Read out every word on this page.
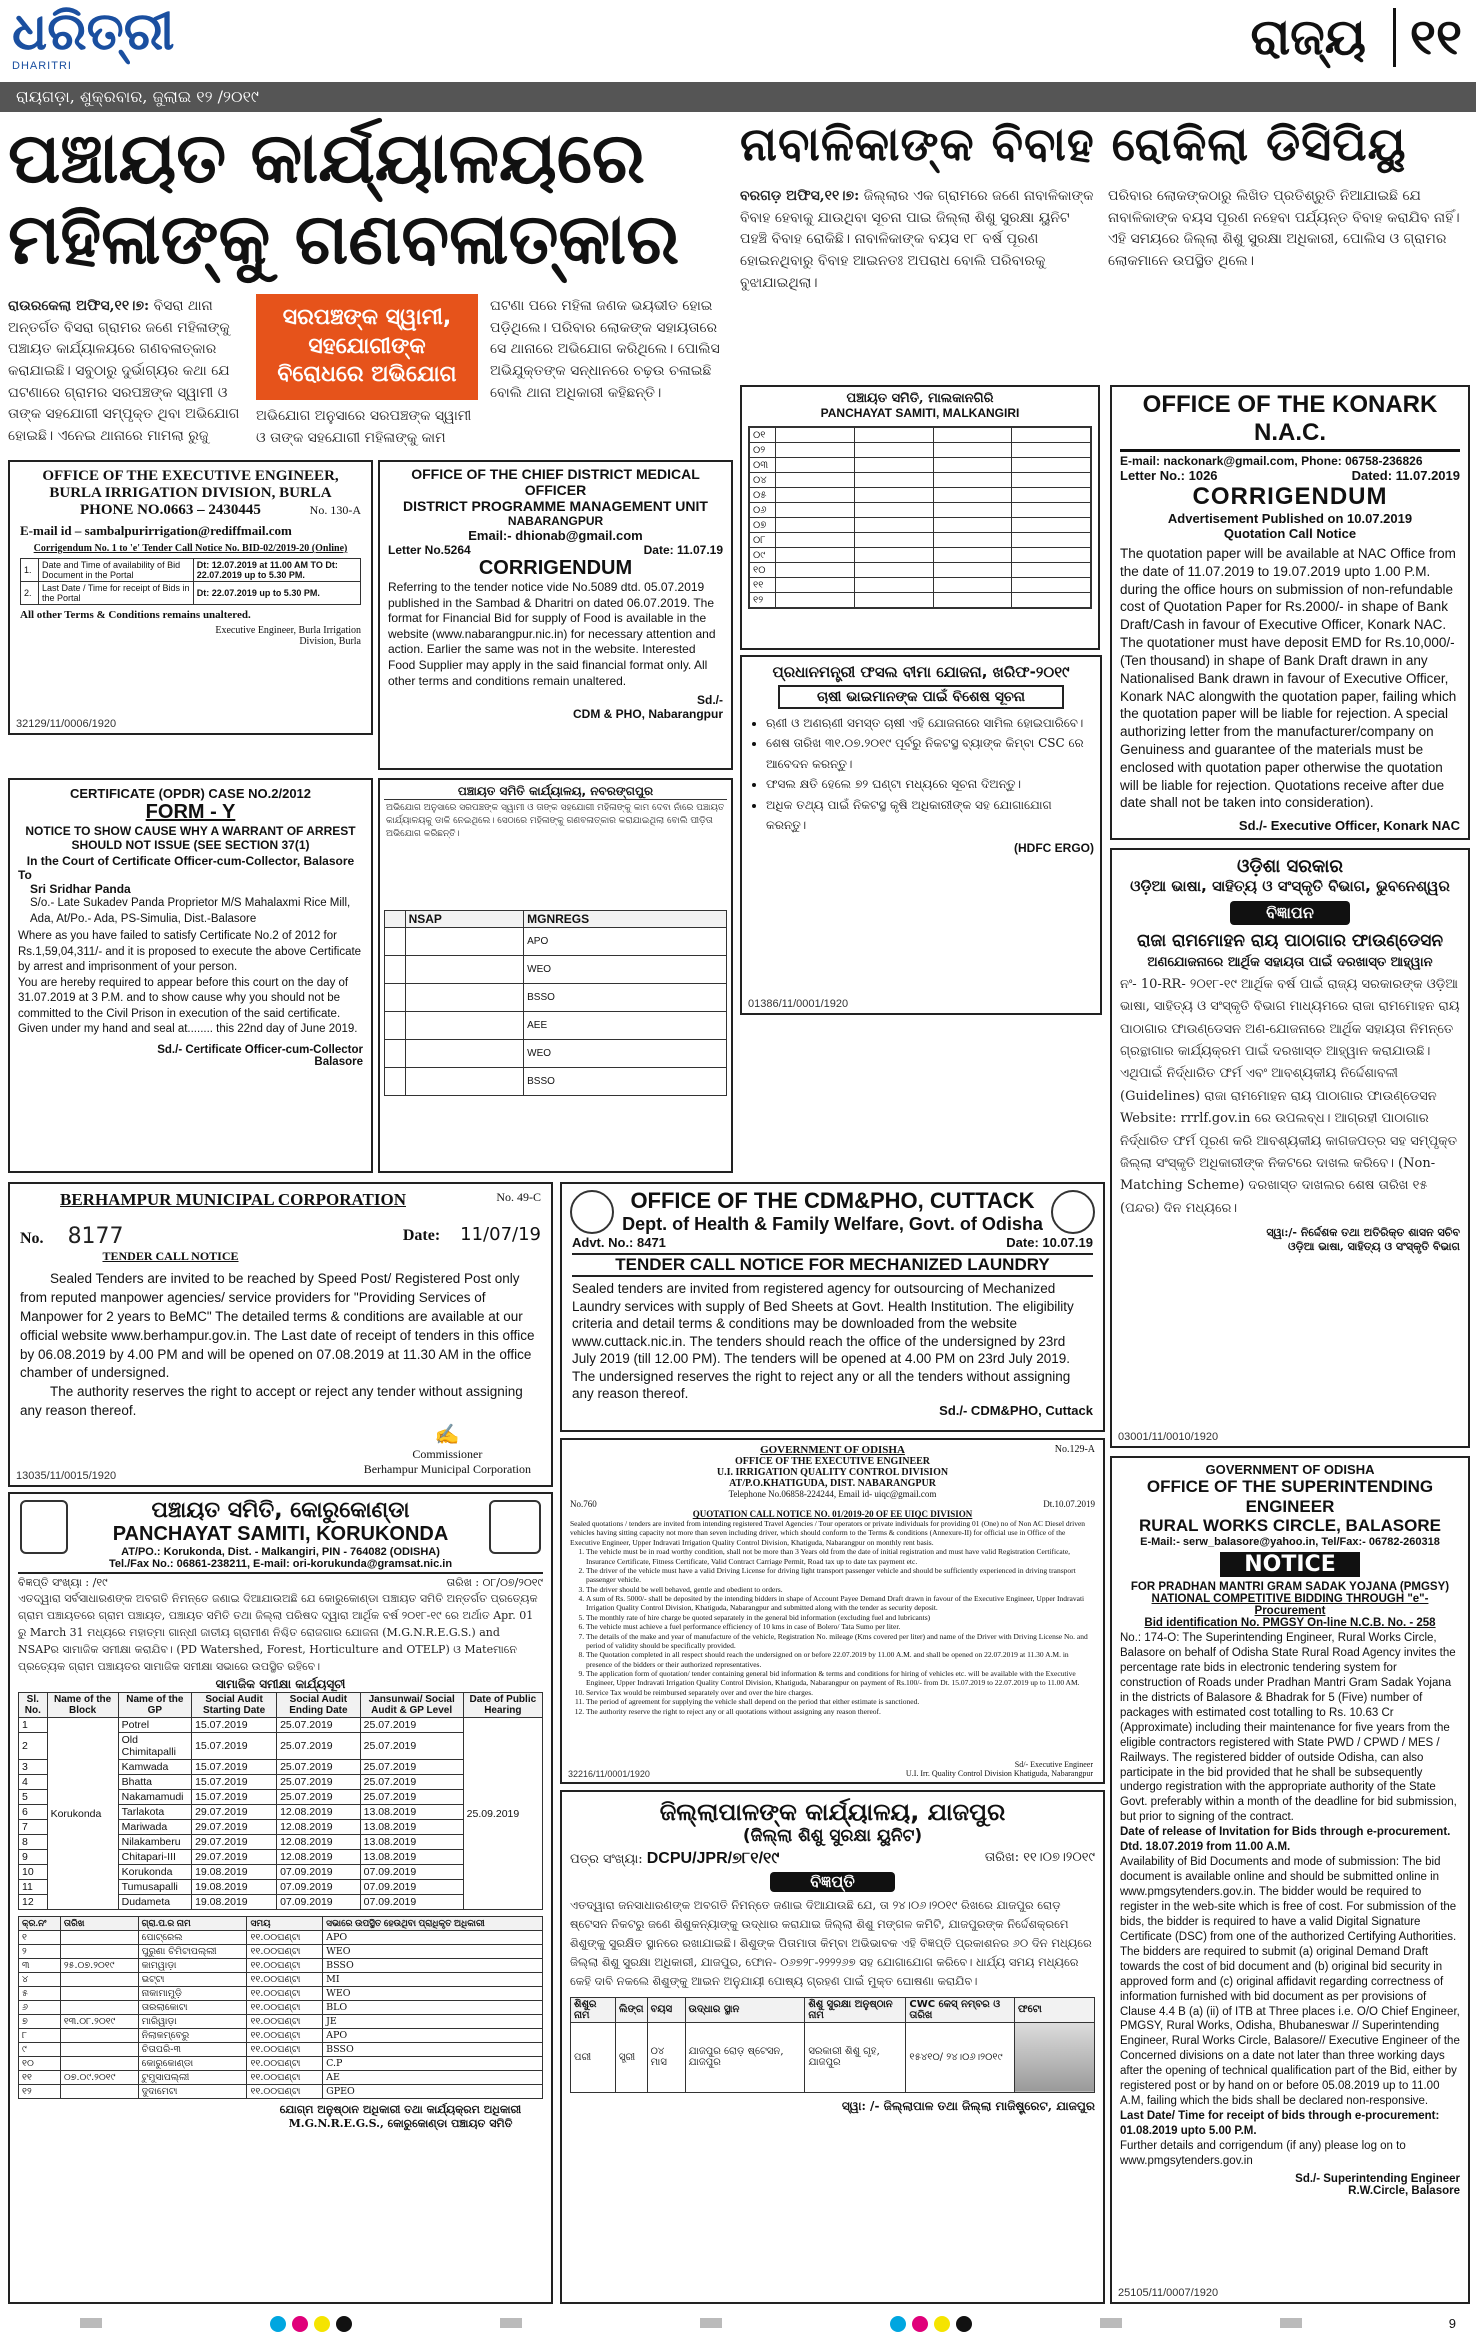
ଧରିତ୍ରୀ
DHARITRI	ରାଜ୍ୟ ୧୧
ରାୟଗଡ଼ା, ଶୁକ୍ରବାର, ଜୁଲାଇ ୧୨ /୨୦୧୯
ପଞ୍ଚାୟତ କାର୍ଯ୍ୟାଳୟରେ
ମହିଳାଙ୍କୁ ଗଣବଳାତ୍କାର
ରାଉରକେଲା ଅଫିସ,୧୧।୭: ବିସରା ଥାନା ଅନ୍ତର୍ଗତ ବିସରା ଗ୍ରାମର ଜଣେ ମହିଳାଙ୍କୁ ପଞ୍ଚାୟତ କାର୍ଯ୍ୟାଳୟରେ ଗଣବଳାତ୍କାର କରାଯାଇଛି। ସବୁଠାରୁ ଦୁର୍ଭାଗ୍ୟର କଥା ଯେ ଘଟଣାରେ ଗ୍ରାମର ସରପଞ୍ଚଙ୍କ ସ୍ୱାମୀ ଓ ତାଙ୍କ ସହଯୋଗୀ ସମ୍ପୃକ୍ତ ଥିବା ଅଭିଯୋଗ ହୋଇଛି। ଏନେଇ ଥାନାରେ ମାମଲା ରୁଜୁ
ସରପଞ୍ଚଙ୍କ ସ୍ୱାମୀ, ସହଯୋଗୀଙ୍କ ବିରୋଧରେ ଅଭିଯୋଗ
ଅଭିଯୋଗ ଅନୁସାରେ ସରପଞ୍ଚଙ୍କ ସ୍ୱାମୀ ଓ ତାଙ୍କ ସହଯୋଗୀ ମହିଳାଙ୍କୁ କାମ
ଘଟଣା ପରେ ମହିଳା ଜଣକ ଭୟଭୀତ ହୋଇ ପଡ଼ିଥିଲେ। ପରିବାର ଲୋକଙ୍କ ସହାୟତାରେ ସେ ଥାନାରେ ଅଭିଯୋଗ କରିଥିଲେ। ପୋଲିସ ଅଭିଯୁକ୍ତଙ୍କ ସନ୍ଧାନରେ ଚଢ଼ଉ ଚଳାଇଛି ବୋଲି ଥାନା ଅଧିକାରୀ କହିଛନ୍ତି।
ନାବାଳିକାଙ୍କ ବିବାହ ରୋକିଲା ଡିସିପିୟୁ
ବରଗଡ଼ ଅଫିସ,୧୧।୭: ଜିଲ୍ଲାର ଏକ ଗ୍ରାମରେ ଜଣେ ନାବାଳିକାଙ୍କ ବିବାହ ହେବାକୁ ଯାଉଥିବା ସୂଚନା ପାଇ ଜିଲ୍ଲା ଶିଶୁ ସୁରକ୍ଷା ୟୁନିଟ ପହଞ୍ଚି ବିବାହ ରୋକିଛି। ନାବାଳିକାଙ୍କ ବୟସ ୧୮ ବର୍ଷ ପୂରଣ ହୋଇନଥିବାରୁ ବିବାହ ଆଇନତଃ ଅପରାଧ ବୋଲି ପରିବାରକୁ ବୁଝାଯାଇଥିଲା।
ପରିବାର ଲୋକଙ୍କଠାରୁ ଲିଖିତ ପ୍ରତିଶ୍ରୁତି ନିଆଯାଇଛି ଯେ ନାବାଳିକାଙ୍କ ବୟସ ପୂରଣ ନହେବା ପର୍ଯ୍ୟନ୍ତ ବିବାହ କରାଯିବ ନାହିଁ। ଏହି ସମୟରେ ଜିଲ୍ଲା ଶିଶୁ ସୁରକ୍ଷା ଅଧିକାରୀ, ପୋଲିସ ଓ ଗ୍ରାମର ଲୋକମାନେ ଉପସ୍ଥିତ ଥିଲେ।
ପଞ୍ଚାୟତ ସମିତି, ମାଲକାନଗିରି
PANCHAYAT SAMITI, MALKANGIRI
୦୧				
୦୨				
୦୩				
୦୪				
୦୫				
୦୬				
୦୭				
୦୮				
୦୯				
୧୦				
୧୧				
୧୨				
OFFICE OF THE KONARK N.A.C.
E-mail: nackonark@gmail.com, Phone: 06758-236826
Letter No.: 1026	Dated: 11.07.2019
CORRIGENDUM
Advertisement Published on 10.07.2019
Quotation Call Notice
The quotation paper will be available at NAC Office from the date of 11.07.2019 to 19.07.2019 upto 1.00 P.M. during the office hours on submission of non-refundable cost of Quotation Paper for Rs.2000/- in shape of Bank Draft/Cash in favour of Executive Officer, Konark NAC. The quotationer must have deposit EMD for Rs.10,000/- (Ten thousand) in shape of Bank Draft drawn in any Nationalised Bank drawn in favour of Executive Officer, Konark NAC alongwith the quotation paper, failing which the quotation paper will be liable for rejection. A special authorizing letter from the manufacturer/company on Genuiness and guarantee of the materials must be enclosed with quotation paper otherwise the quotation will be liable for rejection. Quotations receive after due date shall not be taken into consideration).
Sd./- Executive Officer, Konark NAC
OFFICE OF THE EXECUTIVE ENGINEER,
BURLA IRRIGATION DIVISION, BURLA
PHONE NO.0663 – 2430445	No. 130-A
E-mail id – sambalpurirrigation@rediffmail.com
Corrigendum No. 1 to 'e' Tender Call Notice No. BID-02/2019-20 (Online)
1.	Date and Time of availability of Bid Document in the Portal	Dt: 12.07.2019 at 11.00 AM TO Dt: 22.07.2019 up to 5.30 PM.
2.	Last Date / Time for receipt of Bids in the Portal	Dt: 22.07.2019 up to 5.30 PM.
All other Terms & Conditions remains unaltered.
Executive Engineer, Burla Irrigation Division, Burla
32129/11/0006/1920
OFFICE OF THE CHIEF DISTRICT MEDICAL OFFICER
DISTRICT PROGRAMME MANAGEMENT UNIT
NABARANGPUR
Email:- dhionab@gmail.com
Letter No.5264	Date: 11.07.19
CORRIGENDUM
Referring to the tender notice vide No.5089 dtd. 05.07.2019 published in the Sambad & Dharitri on dated 06.07.2019. The format for Financial Bid for supply of Food is available in the website (www.nabarangpur.nic.in) for necessary attention and action. Earlier the same was not in the website. Interested Food Supplier may apply in the said financial format only. All other terms and conditions remain unaltered.
Sd./-
CDM & PHO, Nabarangpur
ପ୍ରଧାନମନ୍ତ୍ରୀ ଫସଲ ବୀମା ଯୋଜନା, ଖରିଫ-୨୦୧୯
ଚାଷୀ ଭାଇମାନଙ୍କ ପାଇଁ ବିଶେଷ ସୂଚନା
• ଋଣୀ ଓ ଅଣଋଣୀ ସମସ୍ତ ଚାଷୀ ଏହି ଯୋଜନାରେ ସାମିଲ ହୋଇପାରିବେ।
• ଶେଷ ତାରିଖ ୩୧.୦୭.୨୦୧୯ ପୂର୍ବରୁ ନିକଟସ୍ଥ ବ୍ୟାଙ୍କ କିମ୍ବା CSC ରେ ଆବେଦନ କରନ୍ତୁ।
• ଫସଲ କ୍ଷତି ହେଲେ ୭୨ ଘଣ୍ଟା ମଧ୍ୟରେ ସୂଚନା ଦିଅନ୍ତୁ।
• ଅଧିକ ତଥ୍ୟ ପାଇଁ ନିକଟସ୍ଥ କୃଷି ଅଧିକାରୀଙ୍କ ସହ ଯୋଗାଯୋଗ କରନ୍ତୁ।
(HDFC ERGO)
01386/11/0001/1920
ଓଡ଼ିଶା ସରକାର
ଓଡ଼ିଆ ଭାଷା, ସାହିତ୍ୟ ଓ ସଂସ୍କୃତି ବିଭାଗ, ଭୁବନେଶ୍ୱର
ବିଜ୍ଞାପନ
ରାଜା ରାମମୋହନ ରାୟ ପାଠାଗାର ଫାଉଣ୍ଡେସନ
ଅଣଯୋଜନାରେ ଆର୍ଥିକ ସହାୟତା ପାଇଁ ଦରଖାସ୍ତ ଆହ୍ୱାନ
ନଂ- 10-RR- ୨୦୧୮-୧୯ ଆର୍ଥିକ ବର୍ଷ ପାଇଁ ରାଜ୍ୟ ସରକାରଙ୍କ ଓଡ଼ିଆ ଭାଷା, ସାହିତ୍ୟ ଓ ସଂସ୍କୃତି ବିଭାଗ ମାଧ୍ୟମରେ ରାଜା ରାମମୋହନ ରାୟ ପାଠାଗାର ଫାଉଣ୍ଡେସନ ଅଣ-ଯୋଜନାରେ ଆର୍ଥିକ ସହାୟତା ନିମନ୍ତେ ଗ୍ରନ୍ଥାଗାର କାର୍ଯ୍ୟକ୍ରମ ପାଇଁ ଦରଖାସ୍ତ ଆହ୍ୱାନ କରାଯାଉଛି। ଏଥିପାଇଁ ନିର୍ଦ୍ଧାରିତ ଫର୍ମ ଏବଂ ଆବଶ୍ୟକୀୟ ନିର୍ଦ୍ଦେଶାବଳୀ (Guidelines) ରାଜା ରାମମୋହନ ରାୟ ପାଠାଗାର ଫାଉଣ୍ଡେସନ Website: rrrlf.gov.in ରେ ଉପଲବ୍ଧ। ଆଗ୍ରହୀ ପାଠାଗାର ନିର୍ଦ୍ଧାରିତ ଫର୍ମ ପୂରଣ କରି ଆବଶ୍ୟକୀୟ କାଗଜପତ୍ର ସହ ସମ୍ପୃକ୍ତ ଜିଲ୍ଲା ସଂସ୍କୃତି ଅଧିକାରୀଙ୍କ ନିକଟରେ ଦାଖଲ କରିବେ। (Non-Matching Scheme) ଦରଖାସ୍ତ ଦାଖଲର ଶେଷ ତାରିଖ ୧୫ (ପନ୍ଦର) ଦିନ ମଧ୍ୟରେ।
ସ୍ୱା:/- ନିର୍ଦ୍ଦେଶକ ତଥା ଅତିରିକ୍ତ ଶାସନ ସଚିବ
ଓଡ଼ିଆ ଭାଷା, ସାହିତ୍ୟ ଓ ସଂସ୍କୃତି ବିଭାଗ
03001/11/0010/1920
CERTIFICATE (OPDR) CASE NO.2/2012
FORM - Y
NOTICE TO SHOW CAUSE WHY A WARRANT OF ARREST SHOULD NOT ISSUE (SEE SECTION 37(1)
In the Court of Certificate Officer-cum-Collector, Balasore
To
Sri Sridhar Panda
S/o.- Late Sukadev Panda Proprietor M/S Mahalaxmi Rice Mill, Ada, At/Po.- Ada, PS-Simulia, Dist.-Balasore
Where as you have failed to satisfy Certificate No.2 of 2012 for Rs.1,59,04,311/- and it is proposed to execute the above Certificate by arrest and imprisonment of your person.
You are hereby required to appear before this court on the day of 31.07.2019 at 3 P.M. and to show cause why you should not be committed to the Civil Prison in execution of the said certificate.
Given under my hand and seal at........ this 22nd day of June 2019.
Sd./- Certificate Officer-cum-Collector Balasore
ପଞ୍ଚାୟତ ସମିତି କାର୍ଯ୍ୟାଳୟ, ନବରଙ୍ଗପୁର
ଅଭିଯୋଗ ଅନୁସାରେ ସରପଞ୍ଚଙ୍କ ସ୍ୱାମୀ ଓ ତାଙ୍କ ସହଯୋଗୀ ମହିଳାଙ୍କୁ କାମ ଦେବା ନାଁରେ ପଞ୍ଚାୟତ କାର୍ଯ୍ୟାଳୟକୁ ଡାକି ନେଇଥିଲେ। ସେଠାରେ ମହିଳାଙ୍କୁ ଗଣବଳାତ୍କାର କରାଯାଇଥିଲା ବୋଲି ପୀଡ଼ିତା ଅଭିଯୋଗ କରିଛନ୍ତି।
	NSAP	MGNREGS
		APO
		WEO
		BSSO
		AEE
		WEO
		BSSO
BERHAMPUR MUNICIPAL CORPORATION	No. 49-C
No. 8177	Date: 11/07/19
TENDER CALL NOTICE
Sealed Tenders are invited to be reached by Speed Post/ Registered Post only from reputed manpower agencies/ service providers for "Providing Services of Manpower for 2 years to BeMC" The detailed terms & conditions are available at our official website www.berhampur.gov.in. The Last date of receipt of tenders in this office by 06.08.2019 by 4.00 PM and will be opened on 07.08.2019 at 11.30 AM in the office chamber of undersigned.
The authority reserves the right to accept or reject any tender without assigning any reason thereof.
✍
Commissioner
Berhampur Municipal Corporation
13035/11/0015/1920
OFFICE OF THE CDM&PHO, CUTTACK
Dept. of Health & Family Welfare, Govt. of Odisha
Advt. No.: 8471	Date: 10.07.19
TENDER CALL NOTICE FOR MECHANIZED LAUNDRY
Sealed tenders are invited from registered agency for outsourcing of Mechanized Laundry services with supply of Bed Sheets at Govt. Health Institution. The eligibility criteria and detail terms & conditions may be downloaded from the website www.cuttack.nic.in. The tenders should reach the office of the undersigned by 23rd July 2019 (till 12.00 PM). The tenders will be opened at 4.00 PM on 23rd July 2019. The undersigned reserves the right to reject any or all the tenders without assigning any reason thereof.
Sd./- CDM&PHO, Cuttack
ପଞ୍ଚାୟତ ସମିତି, କୋରୁକୋଣ୍ଡା
PANCHAYAT SAMITI, KORUKONDA
AT/PO.: Korukonda, Dist. - Malkangiri, PIN - 764082 (ODISHA)
Tel./Fax No.: 06861-238211, E-mail: ori-korukunda@gramsat.nic.in
ବିଜ୍ଞପ୍ତି ସଂଖ୍ୟା : /୧୯	ତାରିଖ : ୦୮/୦୭/୨୦୧୯
ଏତଦ୍ୱାରା ସର୍ବସାଧାରଣଙ୍କ ଅବଗତି ନିମନ୍ତେ ଜଣାଇ ଦିଆଯାଉଅଛି ଯେ କୋରୁକୋଣ୍ଡା ପଞ୍ଚାୟତ ସମିତି ଅନ୍ତର୍ଗତ ପ୍ରତ୍ୟେକ ଗ୍ରାମ ପଞ୍ଚାୟତରେ ଗ୍ରାମ ପଞ୍ଚାୟତ, ପଞ୍ଚାୟତ ସମିତି ତଥା ଜିଲ୍ଲା ପରିଷଦ ଦ୍ୱାରା ଆର୍ଥିକ ବର୍ଷ ୨୦୧୮-୧୯ ରେ ଅର୍ଥାତ Apr. 01 ରୁ March 31 ମଧ୍ୟରେ ମହାତ୍ମା ଗାନ୍ଧୀ ଜାତୀୟ ଗ୍ରାମୀଣ ନିଶ୍ଚିତ ରୋଜଗାର ଯୋଜନା (M.G.N.R.E.G.S.) and NSAPର ସାମାଜିକ ସମୀକ୍ଷା କରାଯିବ। (PD Watershed, Forest, Horticulture and OTELP) ଓ Mateମାନେ ପ୍ରତ୍ୟେକ ଗ୍ରାମ ପଞ୍ଚାୟତର ସାମାଜିକ ସମୀକ୍ଷା ସଭାରେ ଉପସ୍ଥିତ ରହିବେ।
ସାମାଜିକ ସମୀକ୍ଷା କାର୍ଯ୍ୟସୂଚୀ
Sl. No.	Name of the Block	Name of the GP	Social Audit Starting Date	Social Audit Ending Date	Jansunwai/ Social Audit & GP Level	Date of Public Hearing
1	Korukonda	Potrel	15.07.2019	25.07.2019	25.07.2019	25.09.2019
2		Old Chimitapalli	15.07.2019	25.07.2019	25.07.2019	
3		Kamwada	15.07.2019	25.07.2019	25.07.2019	
4		Bhatta	15.07.2019	25.07.2019	25.07.2019	
5		Nakamamudi	15.07.2019	25.07.2019	25.07.2019	
6		Tarlakota	29.07.2019	12.08.2019	13.08.2019	
7		Mariwada	29.07.2019	12.08.2019	13.08.2019	
8		Nilakamberu	29.07.2019	12.08.2019	13.08.2019	
9		Chitapari-III	29.07.2019	12.08.2019	13.08.2019	
10		Korukonda	19.08.2019	07.09.2019	07.09.2019	
11		Tumusapalli	19.08.2019	07.09.2019	07.09.2019	
12		Dudameta	19.08.2019	07.09.2019	07.09.2019	
କ୍ର.ନଂ	ତାରିଖ	ଗ୍ରା.ପ.ର ନାମ	ସମୟ	ସଭାରେ ଉପସ୍ଥିତ ହେଉଥିବା ପ୍ରାଧିକୃତ ଅଧିକାରୀ
୧		ପୋଟ୍ରେଲ	୧୧.୦୦ଘଣ୍ଟା	APO
୨		ପୁରୁଣା ଚିମିଟାପଲ୍ଲୀ	୧୧.୦୦ଘଣ୍ଟା	WEO
୩	୨୫.୦୭.୨୦୧୯	କାମୱାଡ଼ା	୧୧.୦୦ଘଣ୍ଟା	BSSO
୪		ଭଟ୍ଟା	୧୧.୦୦ଘଣ୍ଟା	MI
୫		ନାକାମାମୁଡ଼ି	୧୧.୦୦ଘଣ୍ଟା	WEO
୬		ତାରଲାକୋଟା	୧୧.୦୦ଘଣ୍ଟା	BLO
୭	୧୩.୦୮.୨୦୧୯	ମାରିୱାଡ଼ା	୧୧.୦୦ଘଣ୍ଟା	JE
୮		ନିଲାକମ୍ବେରୁ	୧୧.୦୦ଘଣ୍ଟା	APO
୯		ଚିତାପରି-୩	୧୧.୦୦ଘଣ୍ଟା	BSSO
୧୦		କୋରୁକୋଣ୍ଡା	୧୧.୦୦ଘଣ୍ଟା	C.P
୧୧	୦୭.୦୯.୨୦୧୯	ଟୁମୁସାପଲ୍ଲୀ	୧୧.୦୦ଘଣ୍ଟା	AE
୧୨		ଦୁଦାମେଟା	୧୧.୦୦ଘଣ୍ଟା	GPEO
ଯୋଗ୍ମ ଅନୁଷ୍ଠାନ ଅଧିକାରୀ ତଥା କାର୍ଯ୍ୟକ୍ରମ ଅଧିକାରୀ
M.G.N.R.E.G.S., କୋରୁକୋଣ୍ଡା ପଞ୍ଚାୟତ ସମିତି
GOVERNMENT OF ODISHA
OFFICE OF THE EXECUTIVE ENGINEER
U.I. IRRIGATION QUALITY CONTROL DIVISION
AT/P.O.KHATIGUDA, DIST. NABARANGPUR
Telephone No.06858-224244, Email id- uiqc@gmail.com
No.760	Dt.10.07.2019
No.129-A
QUOTATION CALL NOTICE NO. 01/2019-20 OF EE UIQC DIVISION
Sealed quotations / tenders are invited from intending registered Travel Agencies / Tour operators or private individuals for providing 01 (One) no of Non AC Diesel driven vehicles having sitting capacity not more than seven including driver, which should conform to the Terms & conditions (Annexure-II) for official use in Office of the Executive Engineer, Upper Indravati Irrigation Quality Control Division, Khatiguda, Nabarangpur on monthly rent basis.
1. The vehicle must be in road worthy condition, shall not be more than 3 Years old from the date of initial registration and must have valid Registration Certificate, Insurance Certificate, Fitness Certificate, Valid Contract Carriage Permit, Road tax up to date tax payment etc.
2. The driver of the vehicle must have a valid Driving License for driving light transport passenger vehicle and should be sufficiently experienced in driving transport passenger vehicle.
3. The driver should be well behaved, gentle and obedient to orders.
4. A sum of Rs. 5000/- shall be deposited by the intending bidders in shape of Account Payee Demand Draft drawn in favour of the Executive Engineer, Upper Indravati Irrigation Quality Control Division, Khatiguda, Nabarangpur and submitted along with the tender as security deposit.
5. The monthly rate of hire charge be quoted separately in the general bid information (excluding fuel and lubricants)
6. The vehicle must achieve a fuel performance efficiency of 10 kms in case of Bolero/ Tata Sumo per liter.
7. The details of the make and year of manufacture of the vehicle, Registration No. mileage (Kms covered per liter) and name of the Driver with Driving License No. and period of validity should be specifically provided.
8. The Quotation completed in all respect should reach the undersigned on or before 22.07.2019 by 11.00 A.M. and shall be opened on 22.07.2019 at 11.30 A.M. in presence of the bidders or their authorized representatives.
9. The application form of quotation/ tender containing general bid information & terms and conditions for hiring of vehicles etc. will be available with the Executive Engineer, Upper Indravati Irrigation Quality Control Division, Khatiguda, Nabarangpur on payment of Rs.100/- from Dt. 15.07.2019 to 22.07.2019 up to 11.00 AM.
10. Service Tax would be reimbursed separately over and over the hire charges.
11. The period of agreement for supplying the vehicle shall depend on the period that either estimate is sanctioned.
12. The authority reserve the right to reject any or all quotations without assigning any reason thereof.
Sd/- Executive Engineer
U.I. Irr. Quality Control Division Khatiguda, Nabarangpur
32216/11/0001/1920
ଜିଲ୍ଲାପାଳଙ୍କ କାର୍ଯ୍ୟାଳୟ, ଯାଜପୁର
(ଜିଲ୍ଲା ଶିଶୁ ସୁରକ୍ଷା ୟୁନିଟ)
ପତ୍ର ସଂଖ୍ୟା: DCPU/JPR/୭୮୧/୧୯	ତାରିଖ: ୧୧।୦୭।୨୦୧୯
ବିଜ୍ଞପ୍ତି
ଏତଦ୍ୱାରା ଜନସାଧାରଣଙ୍କ ଅବଗତି ନିମନ୍ତେ ଜଣାଇ ଦିଆଯାଉଛି ଯେ, ତା ୨୪।୦୬।୨୦୧୯ ରିଖରେ ଯାଜପୁର ରୋଡ଼ ଷ୍ଟେସନ ନିକଟରୁ ଜଣେ ଶିଶୁକନ୍ୟାଙ୍କୁ ଉଦ୍ଧାର କରାଯାଇ ଜିଲ୍ଲା ଶିଶୁ ମଙ୍ଗଳ କମିଟି, ଯାଜପୁରଙ୍କ ନିର୍ଦ୍ଦେଶକ୍ରମେ ଶିଶୁଙ୍କୁ ସୁରକ୍ଷିତ ସ୍ଥାନରେ ରଖାଯାଇଛି। ଶିଶୁଙ୍କ ପିତାମାତା କିମ୍ବା ଅଭିଭାବକ ଏହି ବିଜ୍ଞପ୍ତି ପ୍ରକାଶନର ୬୦ ଦିନ ମଧ୍ୟରେ ଜିଲ୍ଲା ଶିଶୁ ସୁରକ୍ଷା ଅଧିକାରୀ, ଯାଜପୁର, ଫୋନ- ୦୬୭୨୮-୨୨୨୨୬୭ ସହ ଯୋଗାଯୋଗ କରିବେ। ଧାର୍ଯ୍ୟ ସମୟ ମଧ୍ୟରେ କେହି ଦାବି ନକଲେ ଶିଶୁଙ୍କୁ ଆଇନ ଅନୁଯାୟୀ ପୋଷ୍ୟ ଗ୍ରହଣ ପାଇଁ ମୁକ୍ତ ଘୋଷଣା କରାଯିବ।
ଶିଶୁର ନାମ	ଲିଙ୍ଗ	ବୟସ	ଉଦ୍ଧାର ସ୍ଥାନ	ଶିଶୁ ସୁରକ୍ଷା ଅନୁଷ୍ଠାନ ନାମ	CWC କେସ୍ ନମ୍ବର ଓ ତାରିଖ	ଫଟୋ
ପରୀ	ସ୍ତ୍ରୀ	୦୪ ମାସ	ଯାଜପୁର ରୋଡ଼ ଷ୍ଟେସନ, ଯାଜପୁର	ସରକାରୀ ଶିଶୁ ଗୃହ, ଯାଜପୁର	୧୫୪୧୦/ ୨୪।୦୬।୨୦୧୯	
ସ୍ୱା: /- ଜିଲ୍ଲାପାଳ ତଥା ଜିଲ୍ଲା ମାଜିଷ୍ଟ୍ରେଟ, ଯାଜପୁର
GOVERNMENT OF ODISHA
OFFICE OF THE SUPERINTENDING ENGINEER
RURAL WORKS CIRCLE, BALASORE
E-Mail:- serw_balasore@yahoo.in, Tel/Fax:- 06782-260318
NOTICE
FOR PRADHAN MANTRI GRAM SADAK YOJANA (PMGSY)
NATIONAL COMPETITIVE BIDDING THROUGH "e"-Procurement
Bid identification No. PMGSY On-line N.C.B. No. - 258
No.: 174-O: The Superintending Engineer, Rural Works Circle, Balasore on behalf of Odisha State Rural Road Agency invites the percentage rate bids in electronic tendering system for construction of Roads under Pradhan Mantri Gram Sadak Yojana in the districts of Balasore & Bhadrak for 5 (Five) number of packages with estimated cost totalling to Rs. 10.63 Cr (Approximate) including their maintenance for five years from the eligible contractors registered with State PWD / CPWD / MES / Railways. The registered bidder of outside Odisha, can also participate in the bid provided that he shall be subsequently undergo registration with the appropriate authority of the State Govt. preferably within a month of the deadline for bid submission, but prior to signing of the contract.
Date of release of Invitation for Bids through e-procurement. Dtd. 18.07.2019 from 11.00 A.M.
Availability of Bid Documents and mode of submission: The bid document is available online and should be submitted online in www.pmgsytenders.gov.in. The bidder would be required to register in the web-site which is free of cost. For submission of the bids, the bidder is required to have a valid Digital Signature Certificate (DSC) from one of the authorized Certifying Authorities. The bidders are required to submit (a) original Demand Draft towards the cost of bid document and (b) original bid security in approved form and (c) original affidavit regarding correctness of information furnished with bid document as per provisions of Clause 4.4 B (a) (ii) of ITB at Three places i.e. O/O Chief Engineer, PMGSY, Rural Works, Odisha, Bhubaneswar // Superintending Engineer, Rural Works Circle, Balasore// Executive Engineer of the Concerned divisions on a date not later than three working days after the opening of technical qualification part of the Bid, either by registered post or by hand on or before 05.08.2019 up to 11.00 A.M, failing which the bids shall be declared non-responsive.
Last Date/ Time for receipt of bids through e-procurement: 01.08.2019 upto 5.00 P.M.
Further details and corrigendum (if any) please log on to www.pmgsytenders.gov.in
Sd./- Superintending Engineer
R.W.Circle, Balasore
25105/11/0007/1920
9
